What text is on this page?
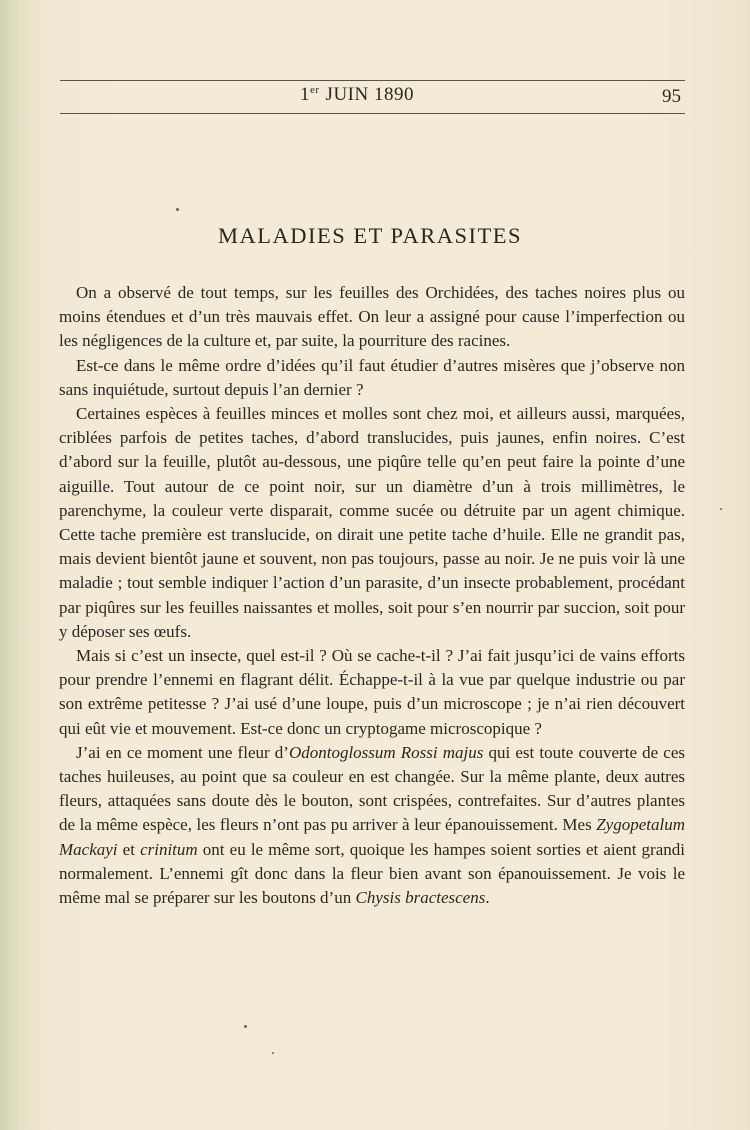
1er JUIN 1890	95
MALADIES ET PARASITES

On a observé de tout temps, sur les feuilles des Orchidées, des taches noires plus ou moins étendues et d’un très mauvais effet. On leur a assigné pour cause l’imperfection ou les négligences de la culture et, par suite, la pourriture des racines.

Est-ce dans le même ordre d’idées qu’il faut étudier d’autres misères que j’observe non sans inquiétude, surtout depuis l’an dernier ?

Certaines espèces à feuilles minces et molles sont chez moi, et ailleurs aussi, marquées, criblées parfois de petites taches, d’abord translucides, puis jaunes, enfin noires. C’est d’abord sur la feuille, plutôt au-dessous, une piqûre telle qu’en peut faire la pointe d’une aiguille. Tout autour de ce point noir, sur un diamètre d’un à trois millimètres, le parenchyme, la couleur verte disparait, comme sucée ou détruite par un agent chimique. Cette tache première est translucide, on dirait une petite tache d’huile. Elle ne grandit pas, mais devient bientôt jaune et souvent, non pas toujours, passe au noir. Je ne puis voir là une maladie ; tout semble indiquer l’action d’un parasite, d’un insecte probablement, procédant par piqûres sur les feuilles naissantes et molles, soit pour s’en nourrir par succion, soit pour y déposer ses œufs.

Mais si c’est un insecte, quel est-il ? Où se cache-t-il ? J’ai fait jusqu’ici de vains efforts pour prendre l’ennemi en flagrant délit. Échappe-t-il à la vue par quelque industrie ou par son extrême petitesse ? J’ai usé d’une loupe, puis d’un microscope ; je n’ai rien découvert qui eût vie et mouvement. Est-ce donc un cryptogame microscopique ?

J’ai en ce moment une fleur d’Odontoglossum Rossi majus qui est toute couverte de ces taches huileuses, au point que sa couleur en est changée. Sur la même plante, deux autres fleurs, attaquées sans doute dès le bouton, sont crispées, contrefaites. Sur d’autres plantes de la même espèce, les fleurs n’ont pas pu arriver à leur épanouissement. Mes Zygopetalum Mackayi et crinitum ont eu le même sort, quoique les hampes soient sorties et aient grandi normalement. L’ennemi gît donc dans la fleur bien avant son épanouissement. Je vois le même mal se préparer sur les boutons d’un Chysis bractescens.
